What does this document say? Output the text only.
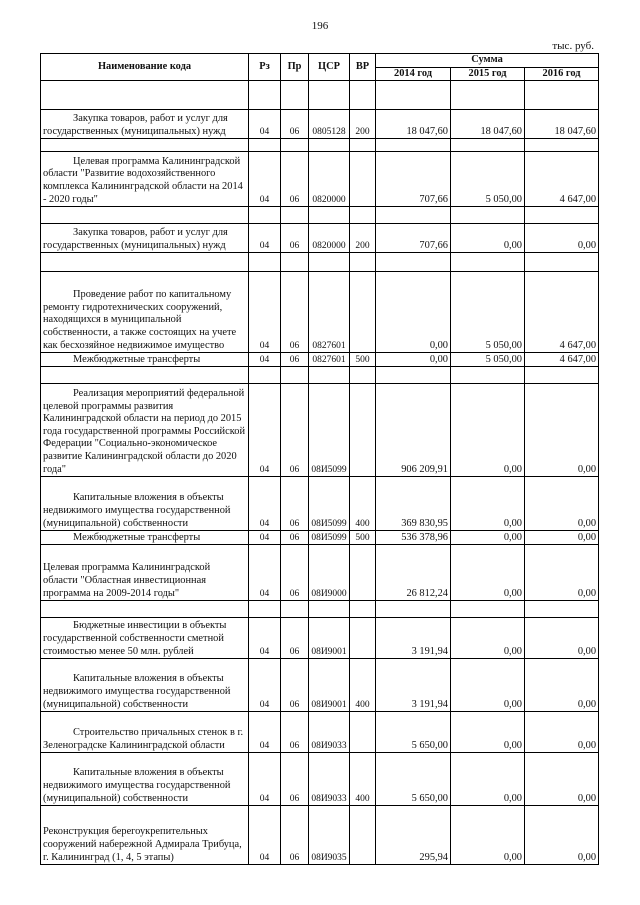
196
тыс. руб.
Наименование кода	Рз	Пр	ЦСР	ВР	Сумма		
					2014 год	2015 год	2016 год

Закупка товаров, работ и услуг для государственных (муниципальных) нужд	04	06	0805128	200	18 047,60	18 047,60	18 047,60

Целевая программа Калининградской области "Развитие водохозяйственного комплекса Калининградской области на 2014 - 2020 годы"	04	06	0820000		707,66	5 050,00	4 647,00

Закупка товаров, работ и услуг для государственных (муниципальных) нужд	04	06	0820000	200	707,66	0,00	0,00

Проведение работ по капитальному ремонту гидротехнических сооружений, находящихся в муниципальной собственности, а также состоящих на учете как бесхозяйное недвижимое имущество	04	06	0827601		0,00	5 050,00	4 647,00
Межбюджетные трансферты	04	06	0827601	500	0,00	5 050,00	4 647,00

Реализация мероприятий федеральной целевой программы развития Калининградской области на период до 2015 года государственной программы Российской Федерации "Социально-экономическое развитие Калининградской области до 2020 года"	04	06	08И5099		906 209,91	0,00	0,00
Капитальные вложения в объекты недвижимого имущества государственной (муниципальной) собственности	04	06	08И5099	400	369 830,95	0,00	0,00
Межбюджетные трансферты	04	06	08И5099	500	536 378,96	0,00	0,00
Целевая программа Калининградской области "Областная инвестиционная программа на 2009-2014 годы"	04	06	08И9000		26 812,24	0,00	0,00

Бюджетные инвестиции в объекты государственной собственности сметной стоимостью менее 50 млн. рублей	04	06	08И9001		3 191,94	0,00	0,00
Капитальные вложения в объекты недвижимого имущества государственной (муниципальной) собственности	04	06	08И9001	400	3 191,94	0,00	0,00
Строительство причальных стенок в г. Зеленоградске Калининградской области	04	06	08И9033		5 650,00	0,00	0,00
Капитальные вложения в объекты недвижимого имущества государственной (муниципальной) собственности	04	06	08И9033	400	5 650,00	0,00	0,00
Реконструкция берегоукрепительных сооружений набережной Адмирала Трибуца, г. Калининград (1, 4, 5 этапы)	04	06	08И9035		295,94	0,00	0,00
